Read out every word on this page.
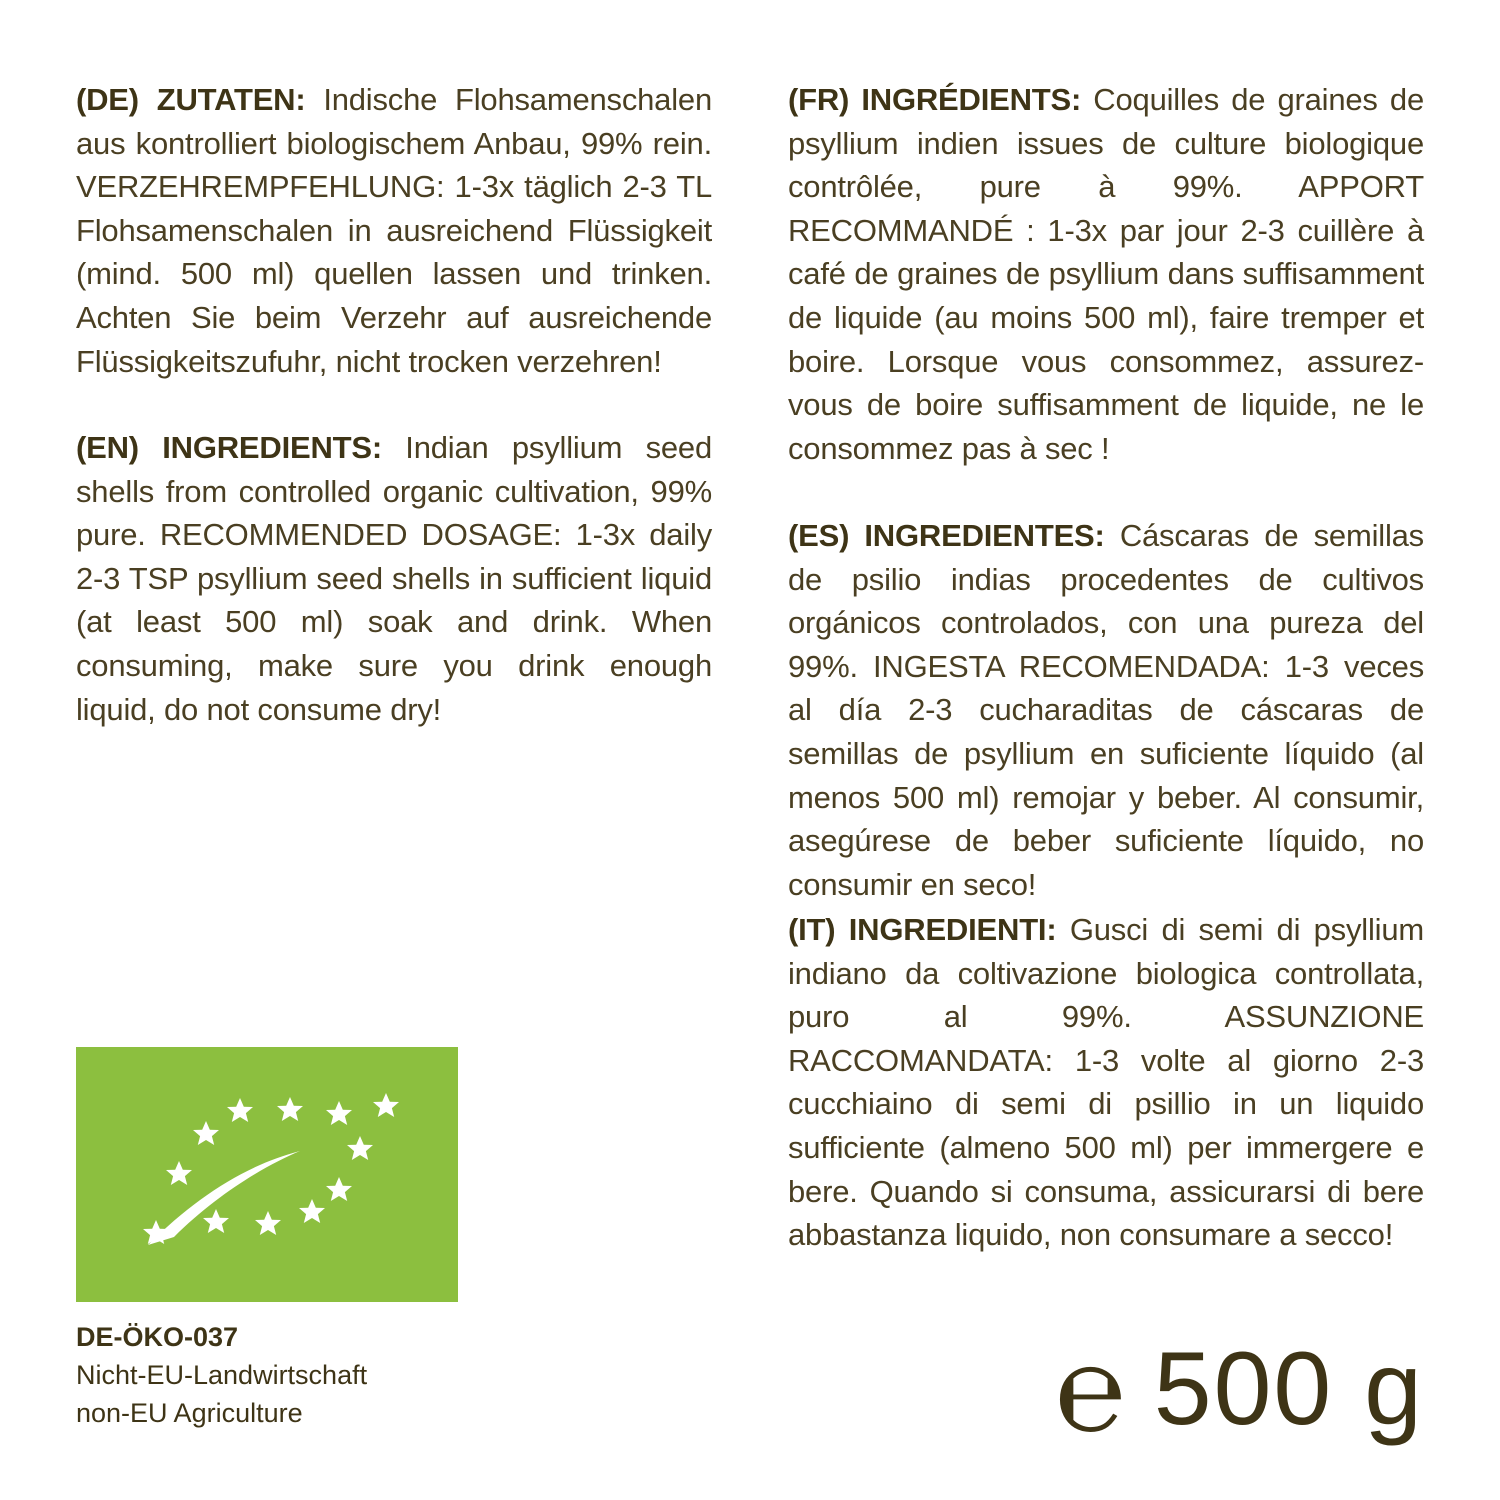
(DE) ZUTATEN: Indische Flohsamenschalen aus kontrolliert biologischem Anbau, 99% rein. VERZEHREMPFEHLUNG: 1-3x täglich 2-3 TL Flohsamenschalen in ausreichend Flüssigkeit (mind. 500 ml) quellen lassen und trinken. Achten Sie beim Verzehr auf ausreichende Flüssigkeitszufuhr, nicht trocken verzehren!
(EN) INGREDIENTS: Indian psyllium seed shells from controlled organic cultivation, 99% pure. RECOMMENDED DOSAGE: 1-3x daily 2-3 TSP psyllium seed shells in sufficient liquid (at least 500 ml) soak and drink. When consuming, make sure you drink enough liquid, do not consume dry!
(FR) INGRÉDIENTS: Coquilles de graines de psyllium indien issues de culture biologique contrôlée, pure à 99%. APPORT RECOMMANDÉ : 1-3x par jour 2-3 cuillère à café de graines de psyllium dans suffisamment de liquide (au moins 500 ml), faire tremper et boire. Lorsque vous consommez, assurez-vous de boire suffisamment de liquide, ne le consommez pas à sec !
(ES) INGREDIENTES: Cáscaras de semillas de psilio indias procedentes de cultivos orgánicos controlados, con una pureza del 99%. INGESTA RECOMENDADA: 1-3 veces al día 2-3 cucharaditas de cáscaras de semillas de psyllium en suficiente líquido (al menos 500 ml) remojar y beber. Al consumir, asegúrese de beber suficiente líquido, no consumir en seco!
(IT) INGREDIENTI: Gusci di semi di psyllium indiano da coltivazione biologica controllata, puro al 99%. ASSUNZIONE RACCOMANDATA: 1-3 volte al giorno 2-3 cucchiaino di semi di psillio in un liquido sufficiente (almeno 500 ml) per immergere e bere. Quando si consuma, assicurarsi di bere abbastanza liquido, non consumare a secco!
DE-ÖKO-037
Nicht-EU-Landwirtschaft
non-EU Agriculture	℮ 500 g
